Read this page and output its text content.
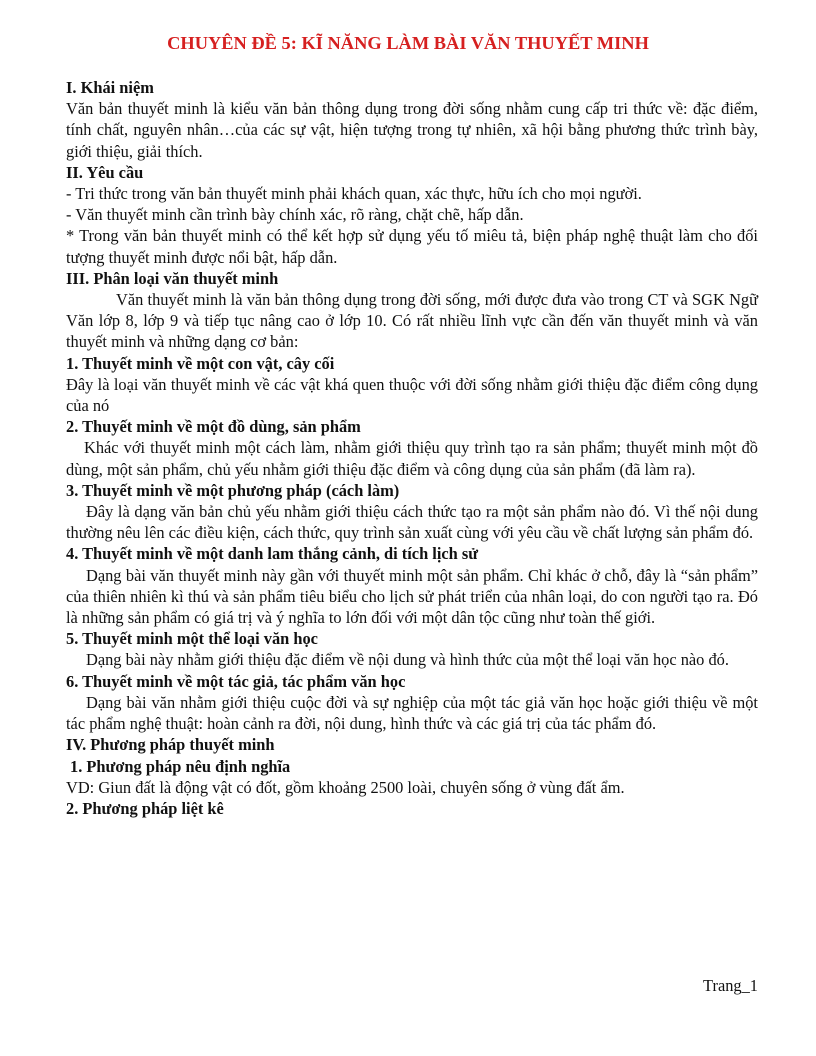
CHUYÊN ĐỀ 5: KĨ NĂNG LÀM BÀI VĂN THUYẾT MINH

I. Khái niệm

Văn bản thuyết minh là kiểu văn bản thông dụng trong đời sống nhằm cung cấp tri thức về: đặc điểm, tính chất, nguyên nhân…của các sự vật, hiện tượng trong tự nhiên, xã hội bằng phương thức trình bày, giới thiệu, giải thích.

II. Yêu cầu

- Tri thức trong văn bản thuyết minh phải khách quan, xác thực, hữu ích cho mọi người.

- Văn thuyết minh cần trình bày chính xác, rõ ràng, chặt chẽ, hấp dẫn.

* Trong văn bản thuyết minh có thể kết hợp sử dụng yếu tố miêu tả, biện pháp nghệ thuật làm cho đối tượng thuyết minh được nổi bật, hấp dẫn.

III. Phân loại văn thuyết minh

Văn thuyết minh là văn bản thông dụng trong đời sống, mới được đưa vào trong CT và SGK Ngữ Văn lớp 8, lớp 9 và tiếp tục nâng cao ở lớp 10. Có rất nhiều lĩnh vực cần đến văn thuyết minh và văn thuyết minh và những dạng cơ bản:

1. Thuyết minh về một con vật, cây cối

Đây là loại văn thuyết minh về các vật khá quen thuộc với đời sống nhằm giới thiệu đặc điểm công dụng của nó

2. Thuyết minh về một đồ dùng, sản phẩm

Khác với thuyết minh một cách làm, nhằm giới thiệu quy trình tạo ra sản phẩm; thuyết minh một đồ dùng, một sản phẩm, chủ yếu nhằm giới thiệu đặc điểm và công dụng của sản phẩm (đã làm ra).

3. Thuyết minh về một phương pháp (cách làm)

Đây là dạng văn bản chủ yếu nhằm giới thiệu cách thức tạo ra một sản phẩm nào đó. Vì thế nội dung thường nêu lên các điều kiện, cách thức, quy trình sản xuất cùng với yêu cầu về chất lượng sản phẩm đó.

4. Thuyết minh về một danh lam thắng cảnh, di tích lịch sử

Dạng bài văn thuyết minh này gần với thuyết minh một sản phẩm. Chỉ khác ở chỗ, đây là “sản phẩm” của thiên nhiên kì thú và sản phẩm tiêu biểu cho lịch sử phát triển của nhân loại, do con người tạo ra. Đó là những sản phẩm có giá trị và ý nghĩa to lớn đối với một dân tộc cũng như toàn thế giới.

5. Thuyết minh một thể loại văn học

Dạng bài này nhằm giới thiệu đặc điểm về nội dung và hình thức của một thể loại văn học nào đó.

6. Thuyết minh về một tác giả, tác phẩm văn học

Dạng bài văn nhằm giới thiệu cuộc đời và sự nghiệp của một tác giả văn học hoặc giới thiệu về một tác phẩm nghệ thuật: hoàn cảnh ra đời, nội dung, hình thức và các giá trị của tác phẩm đó.

IV. Phương pháp thuyết minh

1. Phương pháp nêu định nghĩa

VD: Giun đất là động vật có đốt, gồm khoảng 2500 loài, chuyên sống ở vùng đất ẩm.

2. Phương pháp liệt kê

Trang_1
